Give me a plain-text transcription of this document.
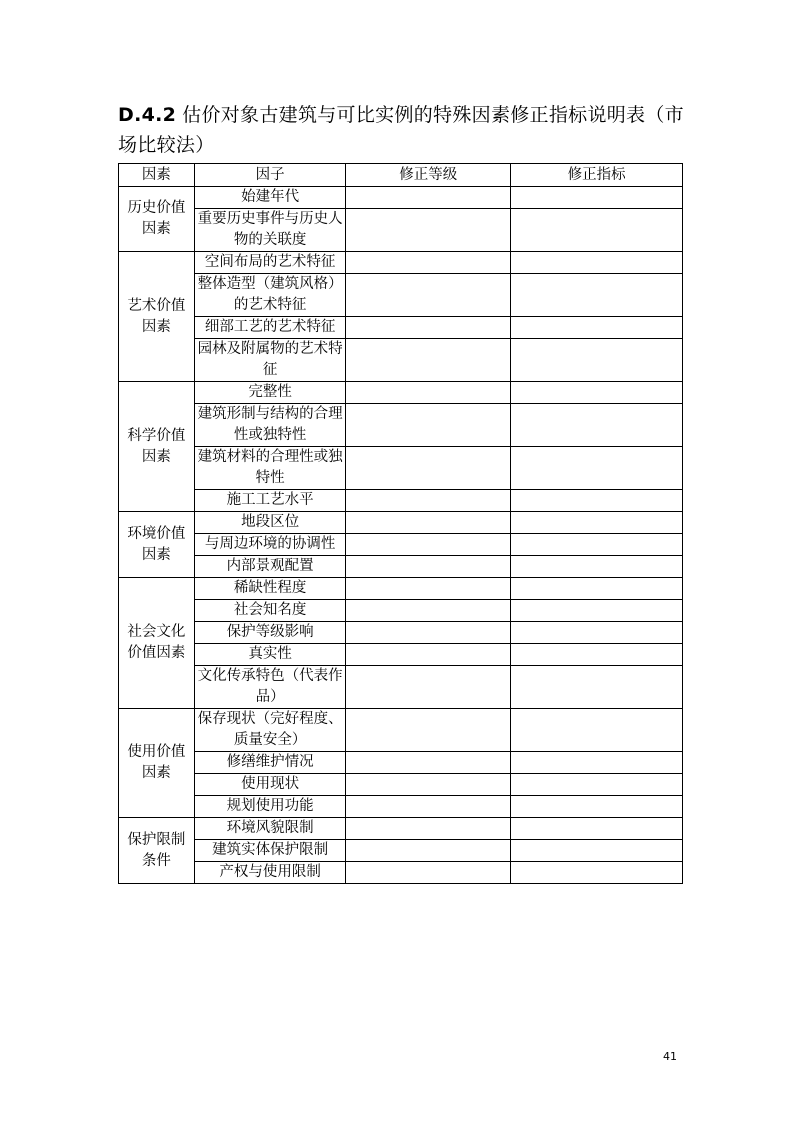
D.4.2 估价对象古建筑与可比实例的特殊因素修正指标说明表（市场比较法）
因素	因子	修正等级	修正指标
历史价值因素	始建年代		
	重要历史事件与历史人物的关联度		
艺术价值因素	空间布局的艺术特征		
	整体造型（建筑风格）的艺术特征		
	细部工艺的艺术特征		
	园林及附属物的艺术特征		
科学价值因素	完整性		
	建筑形制与结构的合理性或独特性		
	建筑材料的合理性或独特性		
	施工工艺水平		
环境价值因素	地段区位		
	与周边环境的协调性		
	内部景观配置		
社会文化价值因素	稀缺性程度		
	社会知名度		
	保护等级影响		
	真实性		
	文化传承特色（代表作品）		
使用价值因素	保存现状（完好程度、质量安全）		
	修缮维护情况		
	使用现状		
	规划使用功能		
保护限制条件	环境风貌限制		
	建筑实体保护限制		
	产权与使用限制		
41
